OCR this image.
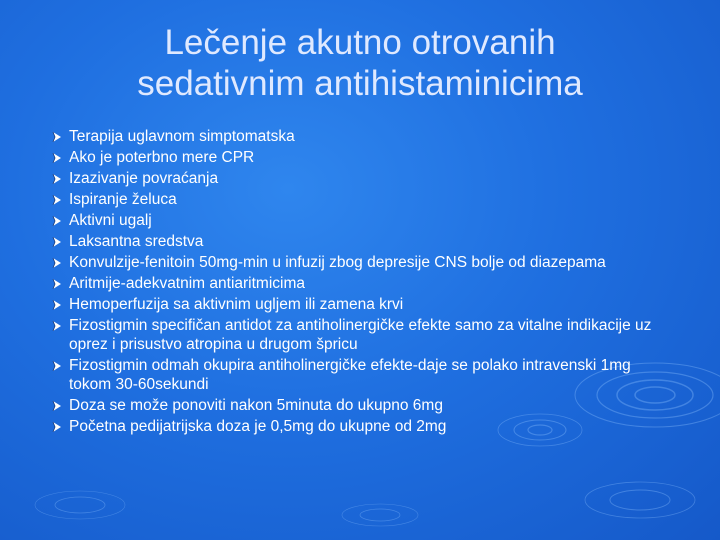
Lečenje akutno otrovanih
sedativnim antihistaminicima
Terapija uglavnom simptomatska
Ako je poterbno mere CPR
Izazivanje povraćanja
Ispiranje želuca
Aktivni ugalj
Laksantna sredstva
Konvulzije-fenitoin 50mg-min u infuzij zbog depresije CNS bolje od diazepama
Aritmije-adekvatnim antiaritmicima
Hemoperfuzija sa aktivnim ugljem ili zamena krvi
Fizostigmin specifičan antidot za antiholinergičke efekte samo za vitalne indikacije uz oprez i prisustvo atropina u drugom špricu
Fizostigmin odmah okupira antiholinergičke efekte-daje se polako intravenski 1mg tokom 30-60sekundi
Doza se može ponoviti nakon 5minuta do ukupno 6mg
Početna pedijatrijska doza je 0,5mg do ukupne od 2mg
